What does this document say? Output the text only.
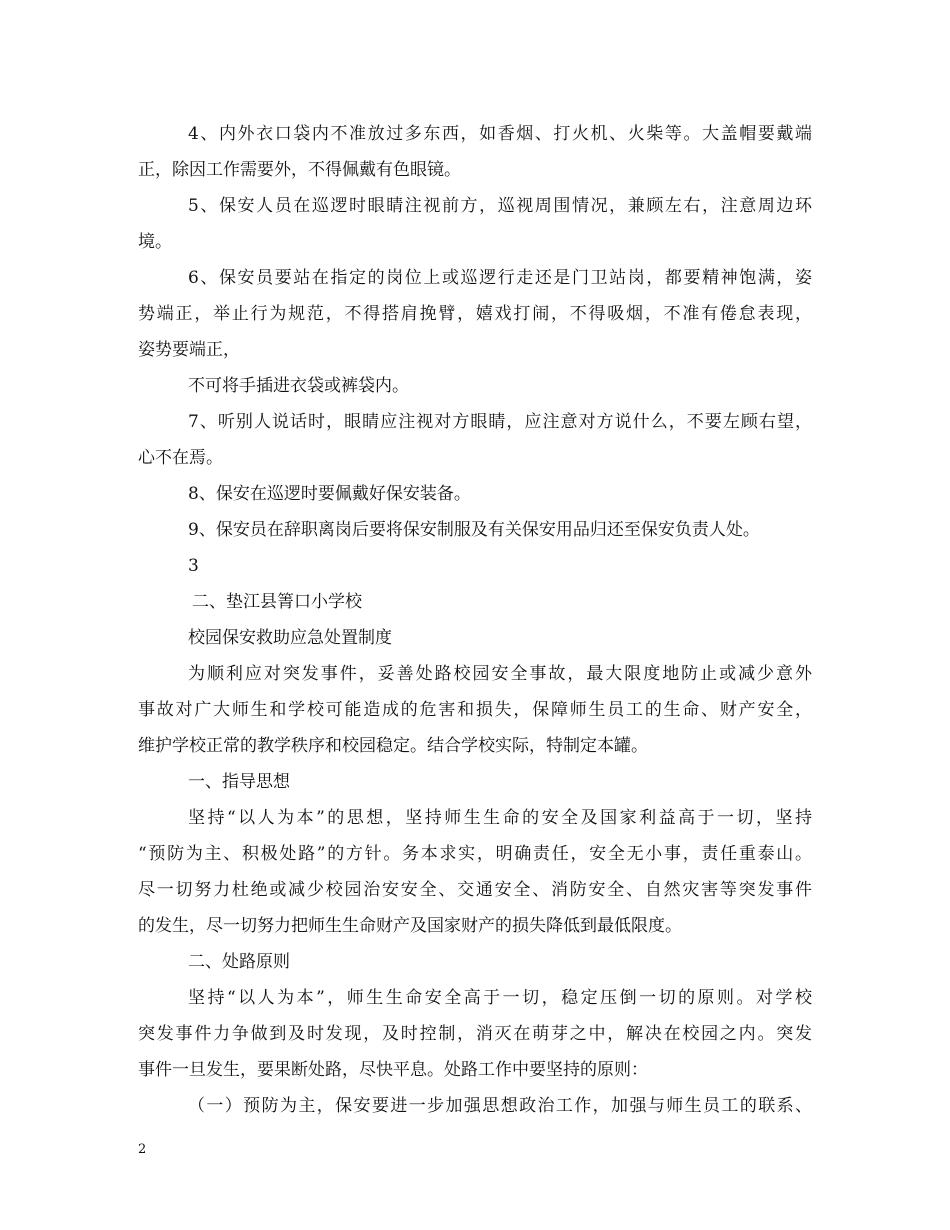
4、内外衣口袋内不准放过多东西，如香烟、打火机、火柴等。大盖帽要戴端
正，除因工作需要外，不得佩戴有色眼镜。
5、保安人员在巡逻时眼睛注视前方，巡视周围情况，兼顾左右，注意周边环
境。
6、保安员要站在指定的岗位上或巡逻行走还是门卫站岗，都要精神饱满，姿
势端正，举止行为规范，不得搭肩挽臂，嬉戏打闹，不得吸烟，不准有倦怠表现，
姿势要端正，
不可将手插进衣袋或裤袋内。
7、听别人说话时，眼睛应注视对方眼睛，应注意对方说什么，不要左顾右望，
心不在焉。
8、保安在巡逻时要佩戴好保安装备。
9、保安员在辞职离岗后要将保安制服及有关保安用品归还至保安负责人处。
3
二、垫江县箐口小学校
校园保安救助应急处置制度
为顺利应对突发事件，妥善处路校园安全事故，最大限度地防止或减少意外
事故对广大师生和学校可能造成的危害和损失，保障师生员工的生命、财产安全，
维护学校正常的教学秩序和校园稳定。结合学校实际，特制定本罐。
一、指导思想
坚持“以人为本”的思想，坚持师生生命的安全及国家利益高于一切，坚持
“预防为主、积极处路”的方针。务本求实，明确责任，安全无小事，责任重泰山。
尽一切努力杜绝或减少校园治安安全、交通安全、消防安全、自然灾害等突发事件
的发生，尽一切努力把师生生命财产及国家财产的损失降低到最低限度。
二、处路原则
坚持“以人为本”，师生生命安全高于一切，稳定压倒一切的原则。对学校
突发事件力争做到及时发现，及时控制，消灭在萌芽之中，解决在校园之内。突发
事件一旦发生，要果断处路，尽快平息。处路工作中要坚持的原则：
（一）预防为主，保安要进一步加强思想政治工作，加强与师生员工的联系、
2
